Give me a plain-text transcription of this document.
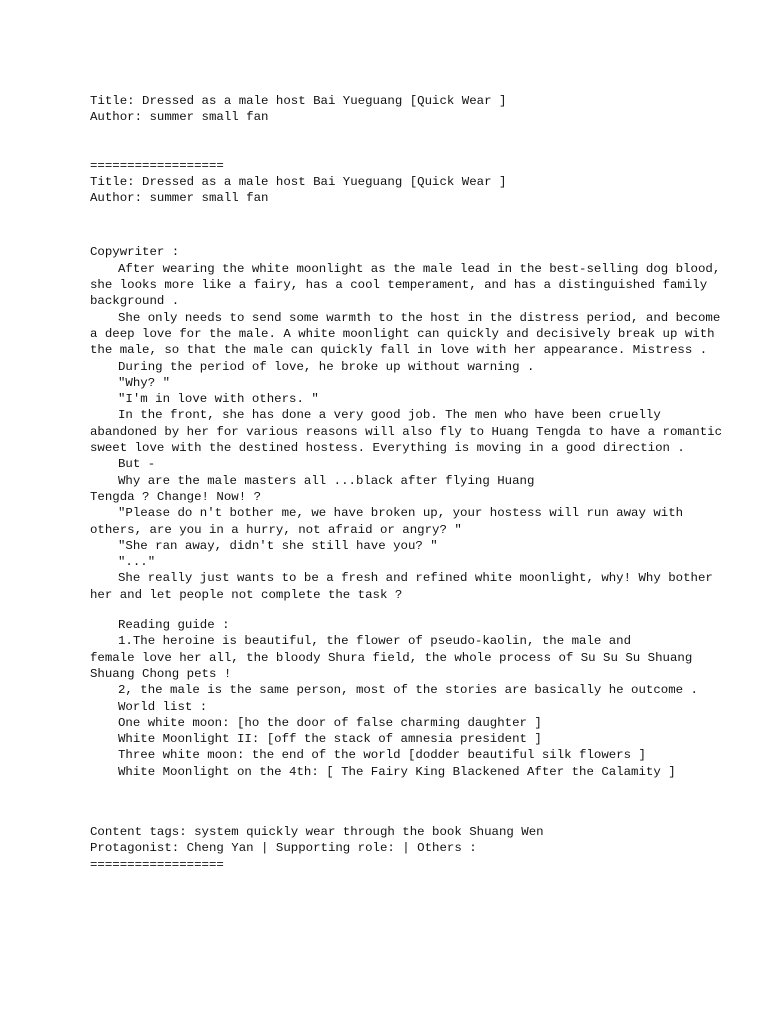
Title: Dressed as a male host Bai Yueguang [Quick Wear ]
Author: summer small fan
==================
Title: Dressed as a male host Bai Yueguang [Quick Wear ]
Author: summer small fan
Copywriter :
After wearing the white moonlight as the male lead in the best-selling dog blood,
she looks more like a fairy, has a cool temperament, and has a distinguished family
background .
She only needs to send some warmth to the host in the distress period, and become
a deep love for the male. A white moonlight can quickly and decisively break up with
the male, so that the male can quickly fall in love with her appearance. Mistress .
During the period of love, he broke up without warning .
"Why? "
"I'm in love with others. "
In the front, she has done a very good job. The men who have been cruelly
abandoned by her for various reasons will also fly to Huang Tengda to have a romantic
sweet love with the destined hostess. Everything is moving in a good direction .
But -
Why are the male masters all ...black after flying Huang
Tengda ? Change! Now! ?
"Please do n't bother me, we have broken up, your hostess will run away with
others, are you in a hurry, not afraid or angry? "
"She ran away, didn't she still have you? "
"..."
She really just wants to be a fresh and refined white moonlight, why! Why bother
her and let people not complete the task ?
Reading guide :
1.The heroine is beautiful, the flower of pseudo-kaolin, the male and
female love her all, the bloody Shura field, the whole process of Su Su Su Shuang
Shuang Chong pets !
2, the male is the same person, most of the stories are basically he outcome .
World list :
One white moon: [ho the door of false charming daughter ]
White Moonlight II: [off the stack of amnesia president ]
Three white moon: the end of the world [dodder beautiful silk flowers ]
White Moonlight on the 4th: [ The Fairy King Blackened After the Calamity ]
Content tags: system quickly wear through the book Shuang Wen
Protagonist: Cheng Yan | Supporting role: | Others :
==================
